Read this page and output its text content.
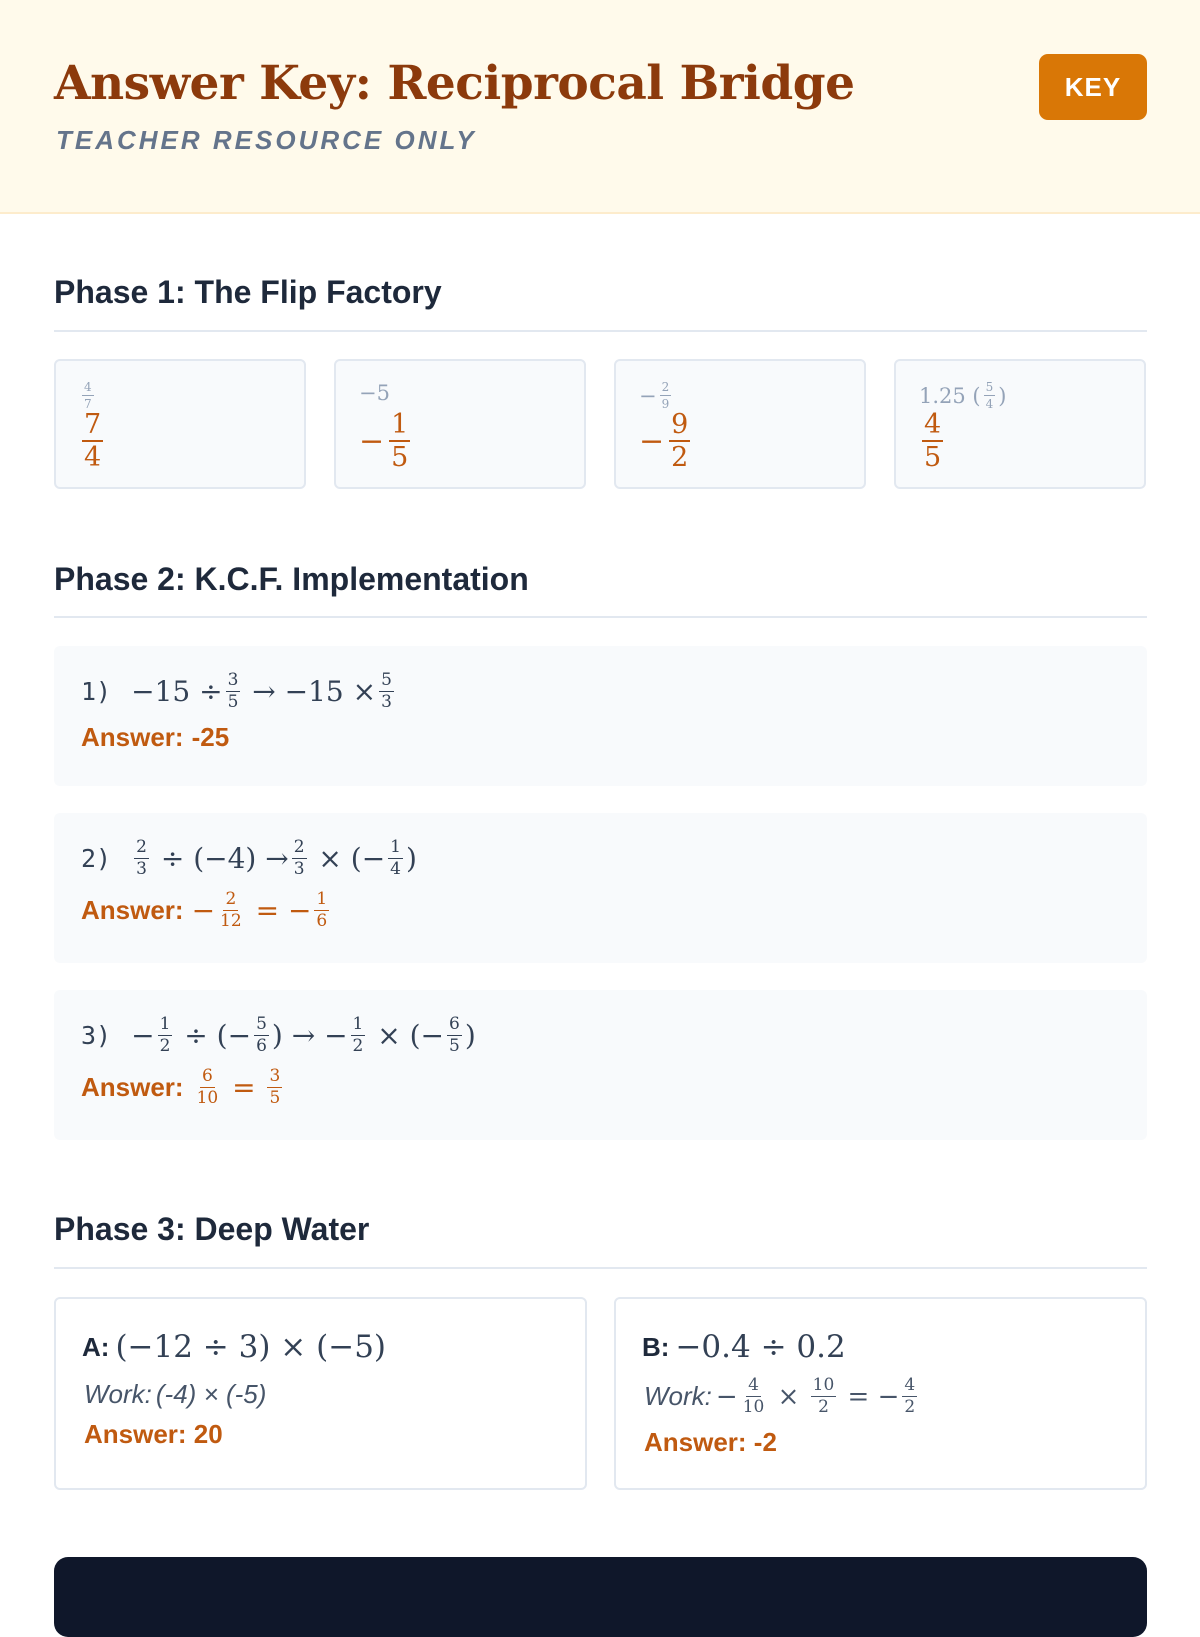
Answer Key: Reciprocal Bridge
TEACHER RESOURCE ONLY
KEY
Phase 1: The Flip Factory
$\frac{4}{7}$
$\frac{7}{4}$
−5
− $\frac{1}{5}$
− $\frac{2}{9}$
− $\frac{9}{2}$
1.25 ( $\frac{5}{4}$ )
$\frac{4}{5}$
Phase 2: K.C.F. Implementation
$1) -15 \div \frac{3}{5} \to -15 \times \frac{5}{3}$
Answer: -25
$2) \frac{2}{3} \div (-4) \to \frac{2}{3}$ × (− $\frac{1}{4}$ )
Answer: − $\frac{2}{12}$ = − $\frac{1}{6}$
$3) - \frac{1}{2}$ ÷ (− $\frac{5}{6}$ ) → − $\frac{1}{2}$ × (− $\frac{6}{5}$ )
Answer: $\frac{6}{10} = \frac{3}{5}$
Phase 3: Deep Water
A: (−12 ÷ 3) × (−5)
Work: (-4) × (-5)
Answer: 20
B: −0.4 ÷ 0.2
Work: − $\frac{4}{10} \times \frac{10}{2}$ = − $\frac{4}{2}$
Answer: -2
